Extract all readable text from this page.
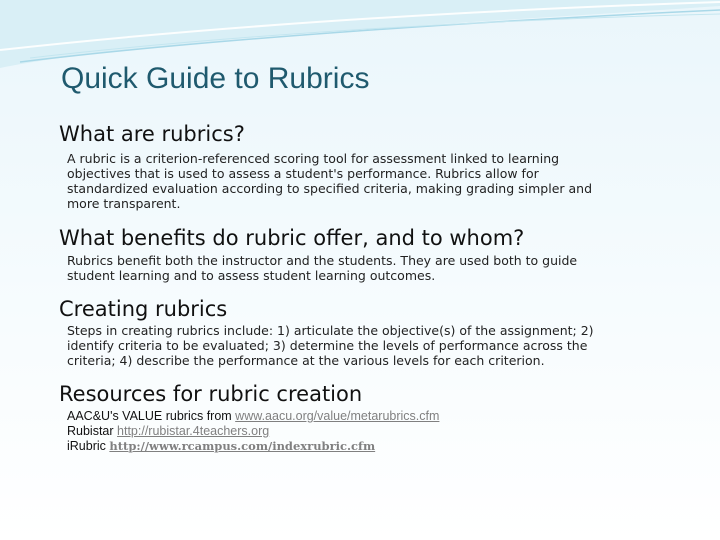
Quick Guide to Rubrics
What are rubrics?
A rubric is a criterion-referenced scoring tool for assessment linked to learning
objectives that is used to assess a student's performance. Rubrics allow for
standardized evaluation according to specified criteria, making grading simpler and
more transparent.
What benefits do rubric offer, and to whom?
Rubrics benefit both the instructor and the students. They are used both to guide
student learning and to assess student learning outcomes.
Creating rubrics
Steps in creating rubrics include: 1) articulate the objective(s) of the assignment; 2)
identify criteria to be evaluated; 3) determine the levels of performance across the
criteria; 4) describe the performance at the various levels for each criterion.
Resources for rubric creation
AAC&U's VALUE rubrics from www.aacu.org/value/metarubrics.cfm
Rubistar http://rubistar.4teachers.org
iRubric http://www.rcampus.com/indexrubric.cfm
